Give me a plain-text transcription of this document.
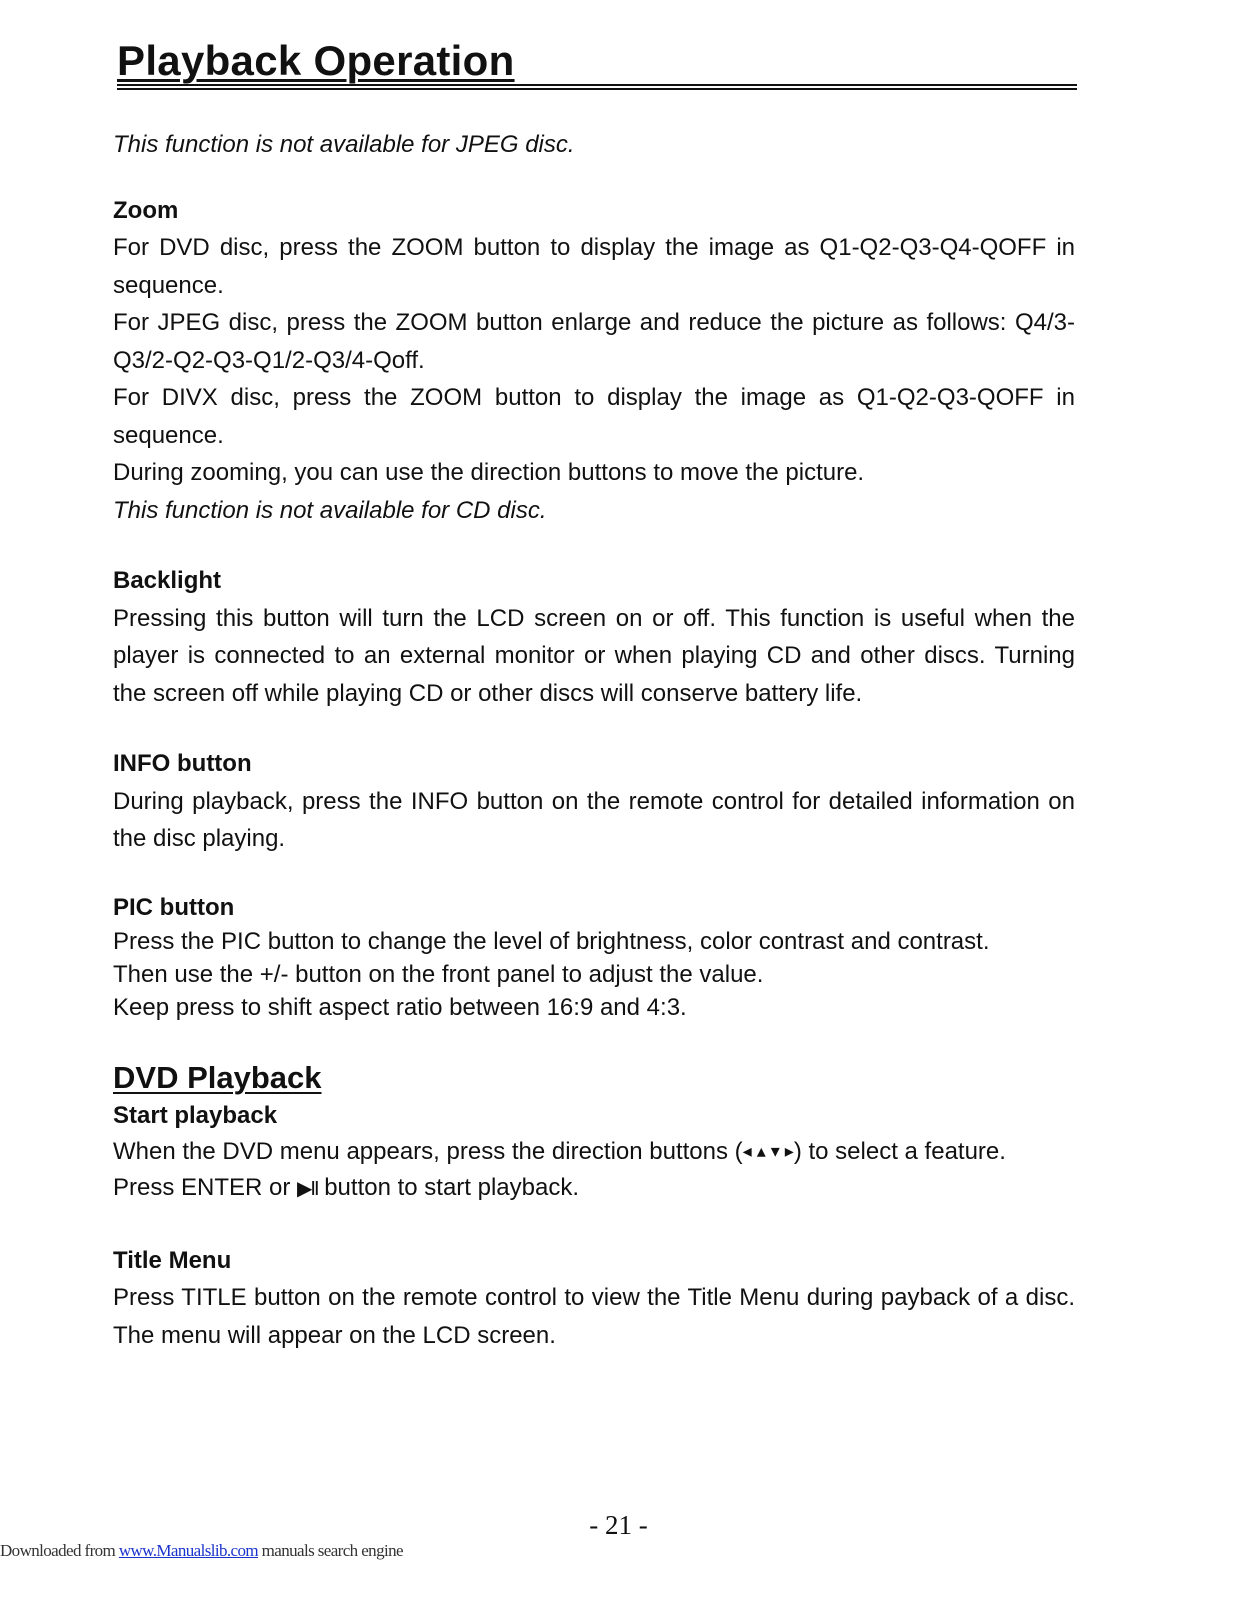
Playback Operation

This function is not available for JPEG disc.

Zoom

For DVD disc, press the ZOOM button to display the image as Q1-Q2-Q3-Q4-QOFF in sequence.

For JPEG disc, press the ZOOM button enlarge and reduce the picture as follows: Q4/3-Q3/2-Q2-Q3-Q1/2-Q3/4-Qoff.

For DIVX disc, press the ZOOM button to display the image as Q1-Q2-Q3-QOFF in sequence.

During zooming, you can use the direction buttons to move the picture.

This function is not available for CD disc.

Backlight

Pressing this button will turn the LCD screen on or off. This function is useful when the player is connected to an external monitor or when playing CD and other discs. Turning the screen off while playing CD or other discs will conserve battery life.

INFO button

During playback, press the INFO button on the remote control for detailed information on the disc playing.

PIC button

Press the PIC button to change the level of brightness, color contrast and contrast.

Then use the +/- button on the front panel to adjust the value.

Keep press to shift aspect ratio between 16:9 and 4:3.

DVD Playback
Start playback

When the DVD menu appears, press the direction buttons (◂ ▴ ▾ ▸) to select a feature.

Press ENTER or ▶II button to start playback.

Title Menu

Press TITLE button on the remote control to view the Title Menu during payback of a disc. The menu will appear on the LCD screen.

- 21 -
Downloaded from www.Manualslib.com manuals search engine
